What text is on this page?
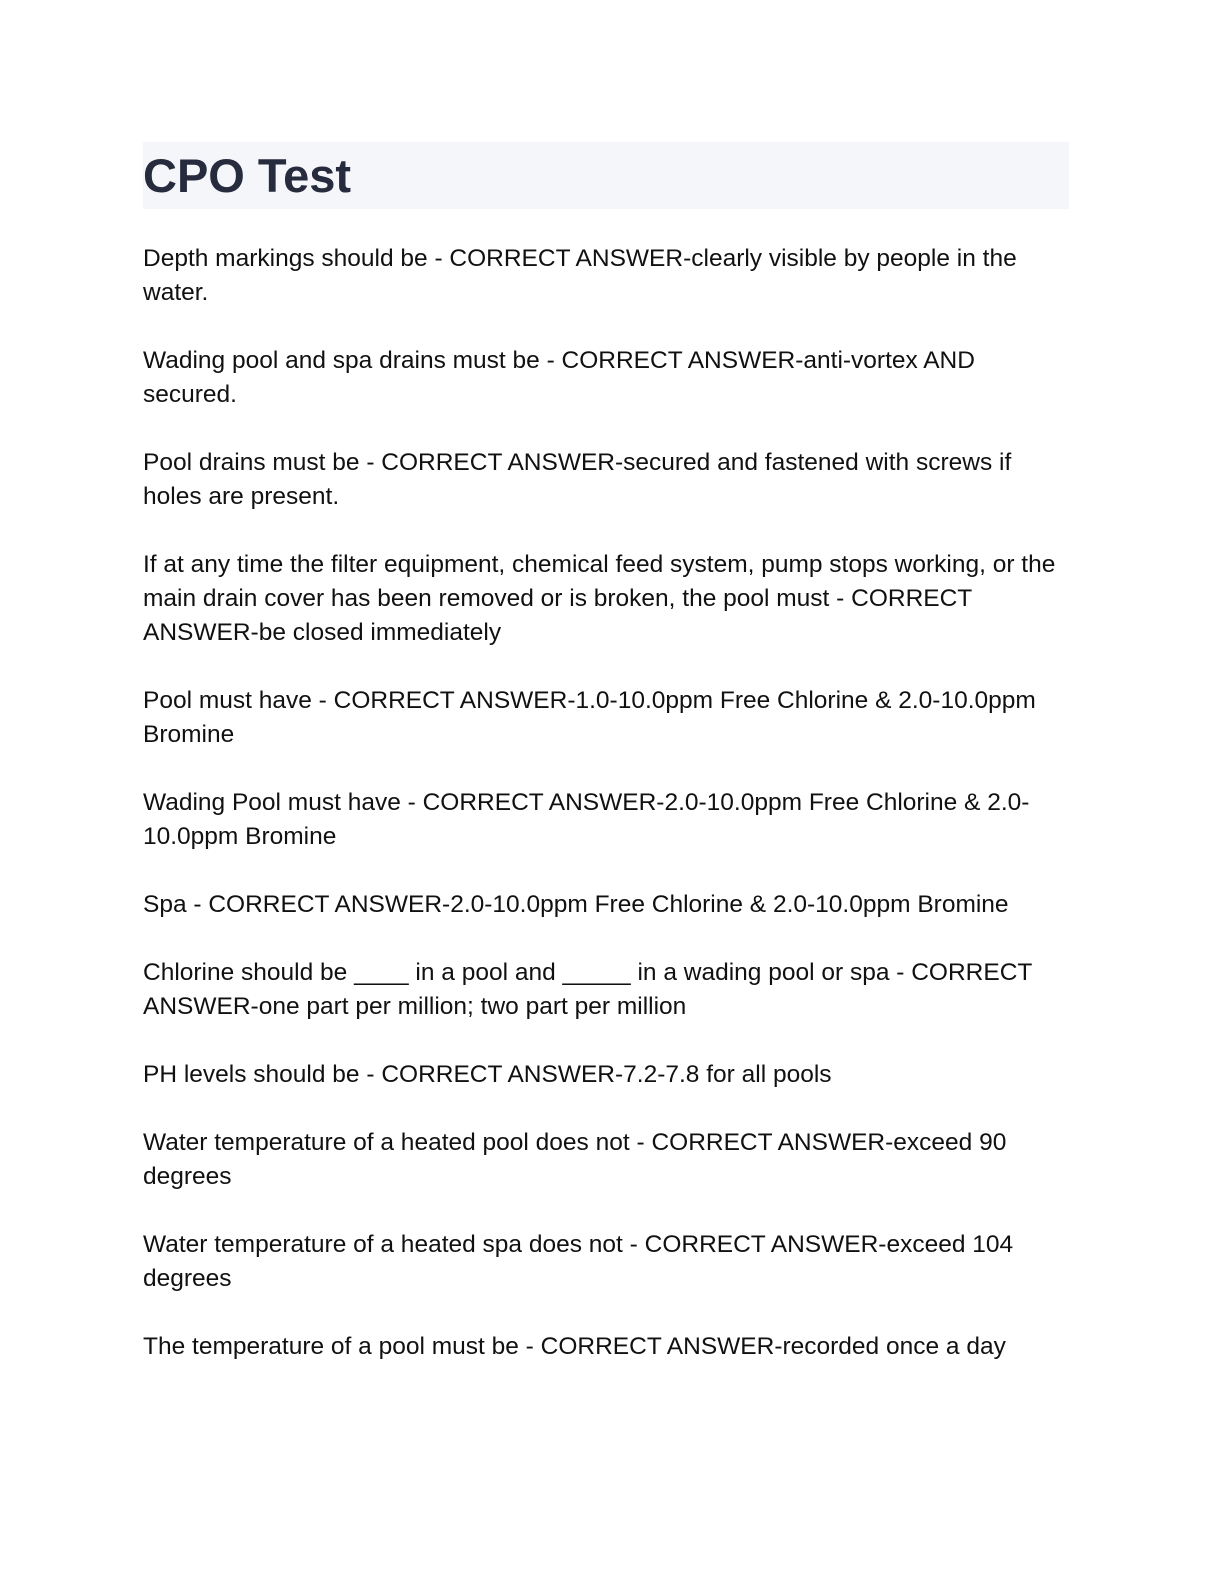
CPO Test

Depth markings should be - CORRECT ANSWER-clearly visible by people in the water.

Wading pool and spa drains must be - CORRECT ANSWER-anti-vortex AND secured.

Pool drains must be - CORRECT ANSWER-secured and fastened with screws if holes are present.

If at any time the filter equipment, chemical feed system, pump stops working, or the main drain cover has been removed or is broken, the pool must - CORRECT ANSWER-be closed immediately

Pool must have - CORRECT ANSWER-1.0-10.0ppm Free Chlorine & 2.0-10.0ppm Bromine

Wading Pool must have - CORRECT ANSWER-2.0-10.0ppm Free Chlorine & 2.0-10.0ppm Bromine

Spa - CORRECT ANSWER-2.0-10.0ppm Free Chlorine & 2.0-10.0ppm Bromine

Chlorine should be ____ in a pool and _____ in a wading pool or spa - CORRECT ANSWER-one part per million; two part per million

PH levels should be - CORRECT ANSWER-7.2-7.8 for all pools

Water temperature of a heated pool does not - CORRECT ANSWER-exceed 90 degrees

Water temperature of a heated spa does not - CORRECT ANSWER-exceed 104 degrees

The temperature of a pool must be - CORRECT ANSWER-recorded once a day
